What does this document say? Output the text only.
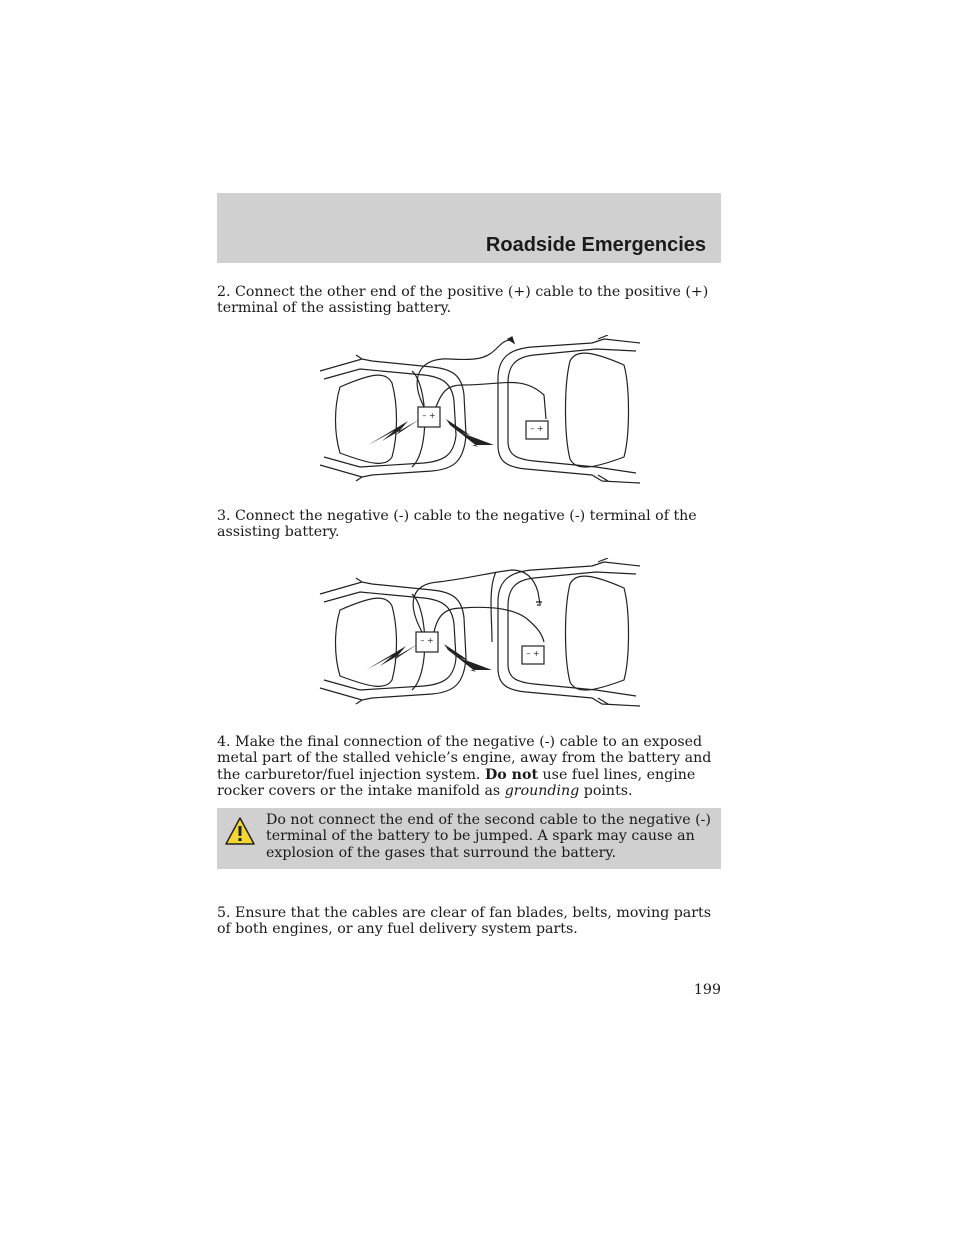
Roadside Emergencies

2. Connect the other end of the positive (+) cable to the positive (+) terminal of the assisting battery.

– +
– +

3. Connect the negative (-) cable to the negative (-) terminal of the assisting battery.

– +
– +

4. Make the final connection of the negative (-) cable to an exposed metal part of the stalled vehicle’s engine, away from the battery and the carburetor/fuel injection system. Do not use fuel lines, engine rocker covers or the intake manifold as grounding points.

Do not connect the end of the second cable to the negative (-) terminal of the battery to be jumped. A spark may cause an explosion of the gases that surround the battery.

5. Ensure that the cables are clear of fan blades, belts, moving parts of both engines, or any fuel delivery system parts.

199
